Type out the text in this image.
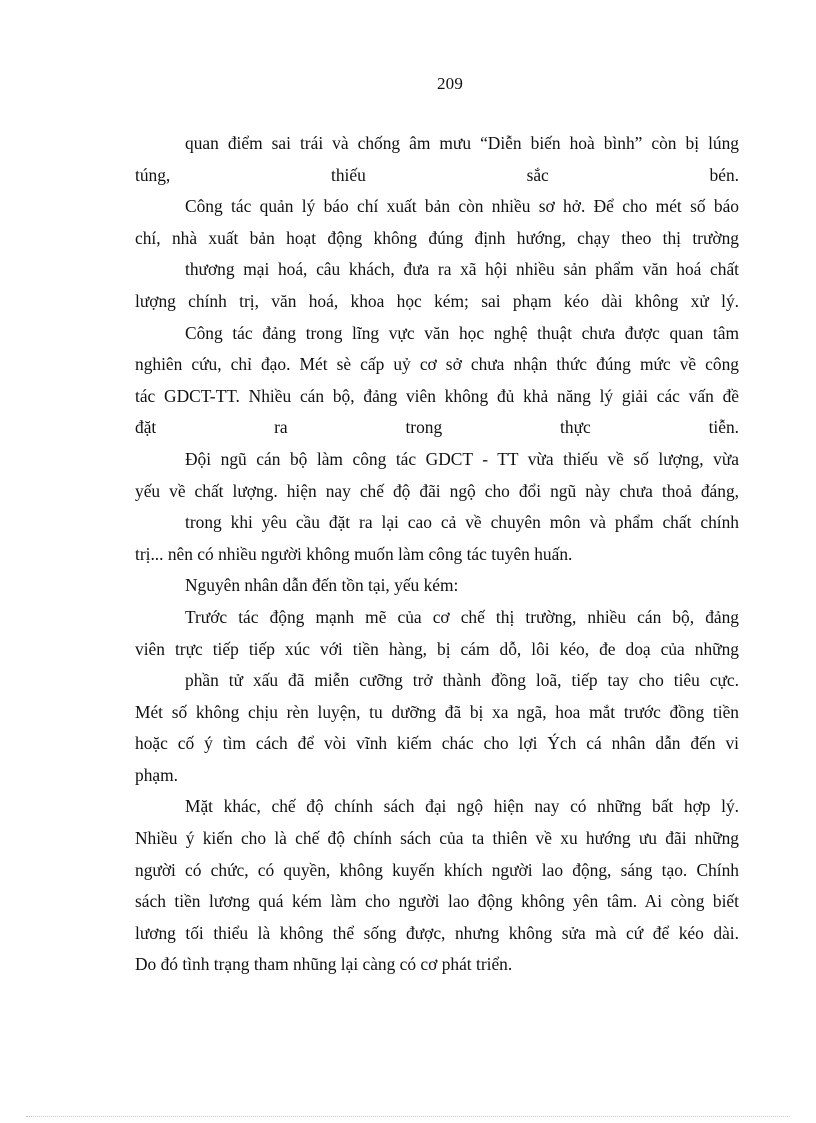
209
quan điểm sai trái và chống âm mưu “Diễn biến hoà bình” còn bị lúng
túng, thiếu sắc bén.
Công tác quản lý báo chí xuất bản còn nhiều sơ hở. Để cho mét số báo
chí, nhà xuất bản hoạt động không đúng định hướng, chạy theo thị trường
thương mại hoá, câu khách, đưa ra xã hội nhiều sản phẩm văn hoá chất
lượng chính trị, văn hoá, khoa học kém; sai phạm kéo dài không xử lý.
Công tác đảng trong lĩng vực văn học nghệ thuật chưa được quan tâm
nghiên cứu, chỉ đạo. Mét sè cấp uỷ cơ sở chưa nhận thức đúng mức về công
tác GDCT-TT. Nhiều cán bộ, đảng viên không đủ khả năng lý giải các vấn đề
đặt ra trong thực tiễn.
Đội ngũ cán bộ làm công tác GDCT - TT vừa thiếu về số lượng, vừa
yếu về chất lượng. hiện nay chế độ đãi ngộ cho đổi ngũ này chưa thoả đáng,
trong khi yêu cầu đặt ra lại cao cả về chuyên môn và phẩm chất chính
trị... nên có nhiều người không muốn làm công tác tuyên huấn.
Nguyên nhân dẫn đến tồn tại, yếu kém:
Trước tác động mạnh mẽ của cơ chế thị trường, nhiều cán bộ, đảng
viên trực tiếp tiếp xúc với tiền hàng, bị cám dỗ, lôi kéo, đe doạ của những
phần tử xấu đã miễn cưỡng trở thành đồng loã, tiếp tay cho tiêu cực.
Mét số không chịu rèn luyện, tu dưỡng đã bị xa ngã, hoa mắt trước đồng tiền
hoặc cố ý tìm cách để vòi vĩnh kiếm chác cho lợi Ých cá nhân dẫn đến vi
phạm.
Mặt khác, chế độ chính sách đại ngộ hiện nay có những bất hợp lý.
Nhiều ý kiến cho là chế độ chính sách của ta thiên về xu hướng ưu đãi những
người có chức, có quyền, không kuyến khích người lao động, sáng tạo. Chính
sách tiền lương quá kém làm cho người lao động không yên tâm. Ai còng biết
lương tối thiểu là không thể sống được, nhưng không sửa mà cứ để kéo dài.
Do đó tình trạng tham nhũng lại càng có cơ phát triển.
